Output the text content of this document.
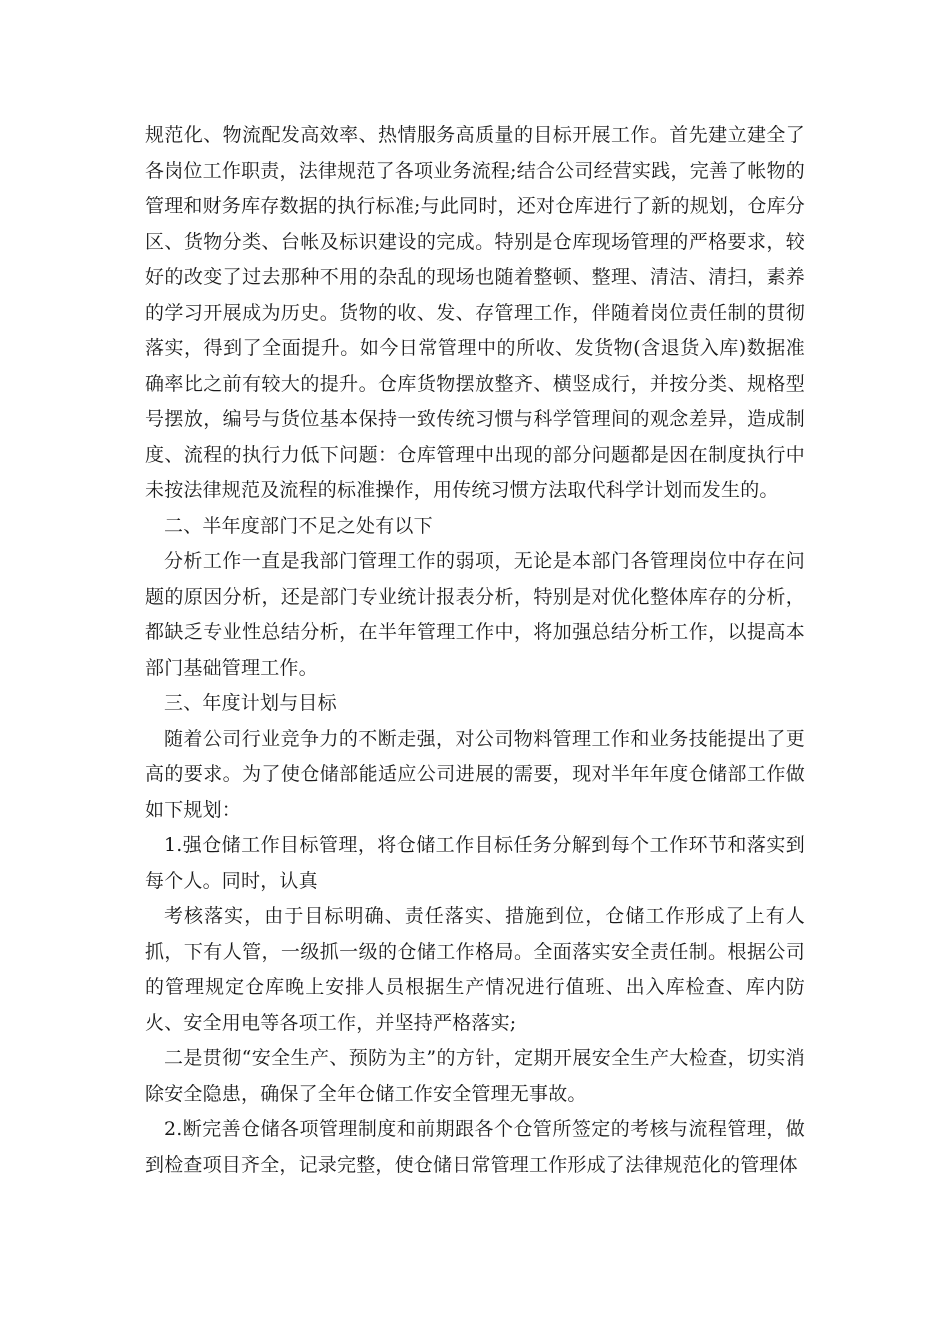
规范化、物流配发高效率、热情服务高质量的目标开展工作。首先建立建全了各岗位工作职责，法律规范了各项业务流程;结合公司经营实践，完善了帐物的管理和财务库存数据的执行标准;与此同时，还对仓库进行了新的规划，仓库分区、货物分类、台帐及标识建设的完成。特别是仓库现场管理的严格要求，较好的改变了过去那种不用的杂乱的现场也随着整顿、整理、清洁、清扫，素养的学习开展成为历史。货物的收、发、存管理工作，伴随着岗位责任制的贯彻落实，得到了全面提升。如今日常管理中的所收、发货物(含退货入库)数据准确率比之前有较大的提升。仓库货物摆放整齐、横竖成行，并按分类、规格型号摆放，编号与货位基本保持一致传统习惯与科学管理间的观念差异，造成制度、流程的执行力低下问题：仓库管理中出现的部分问题都是因在制度执行中未按法律规范及流程的标准操作，用传统习惯方法取代科学计划而发生的。

二、半年度部门不足之处有以下

分析工作一直是我部门管理工作的弱项，无论是本部门各管理岗位中存在问题的原因分析，还是部门专业统计报表分析，特别是对优化整体库存的分析，都缺乏专业性总结分析，在半年管理工作中，将加强总结分析工作，以提高本部门基础管理工作。

三、年度计划与目标

随着公司行业竞争力的不断走强，对公司物料管理工作和业务技能提出了更高的要求。为了使仓储部能适应公司进展的需要，现对半年年度仓储部工作做如下规划：

1.强仓储工作目标管理，将仓储工作目标任务分解到每个工作环节和落实到每个人。同时，认真

考核落实，由于目标明确、责任落实、措施到位，仓储工作形成了上有人抓，下有人管，一级抓一级的仓储工作格局。全面落实安全责任制。根据公司的管理规定仓库晚上安排人员根据生产情况进行值班、出入库检查、库内防火、安全用电等各项工作，并坚持严格落实;

二是贯彻“安全生产、预防为主”的方针，定期开展安全生产大检查，切实消除安全隐患，确保了全年仓储工作安全管理无事故。

2.断完善仓储各项管理制度和前期跟各个仓管所签定的考核与流程管理，做到检查项目齐全，记录完整，使仓储日常管理工作形成了法律规范化的管理体
